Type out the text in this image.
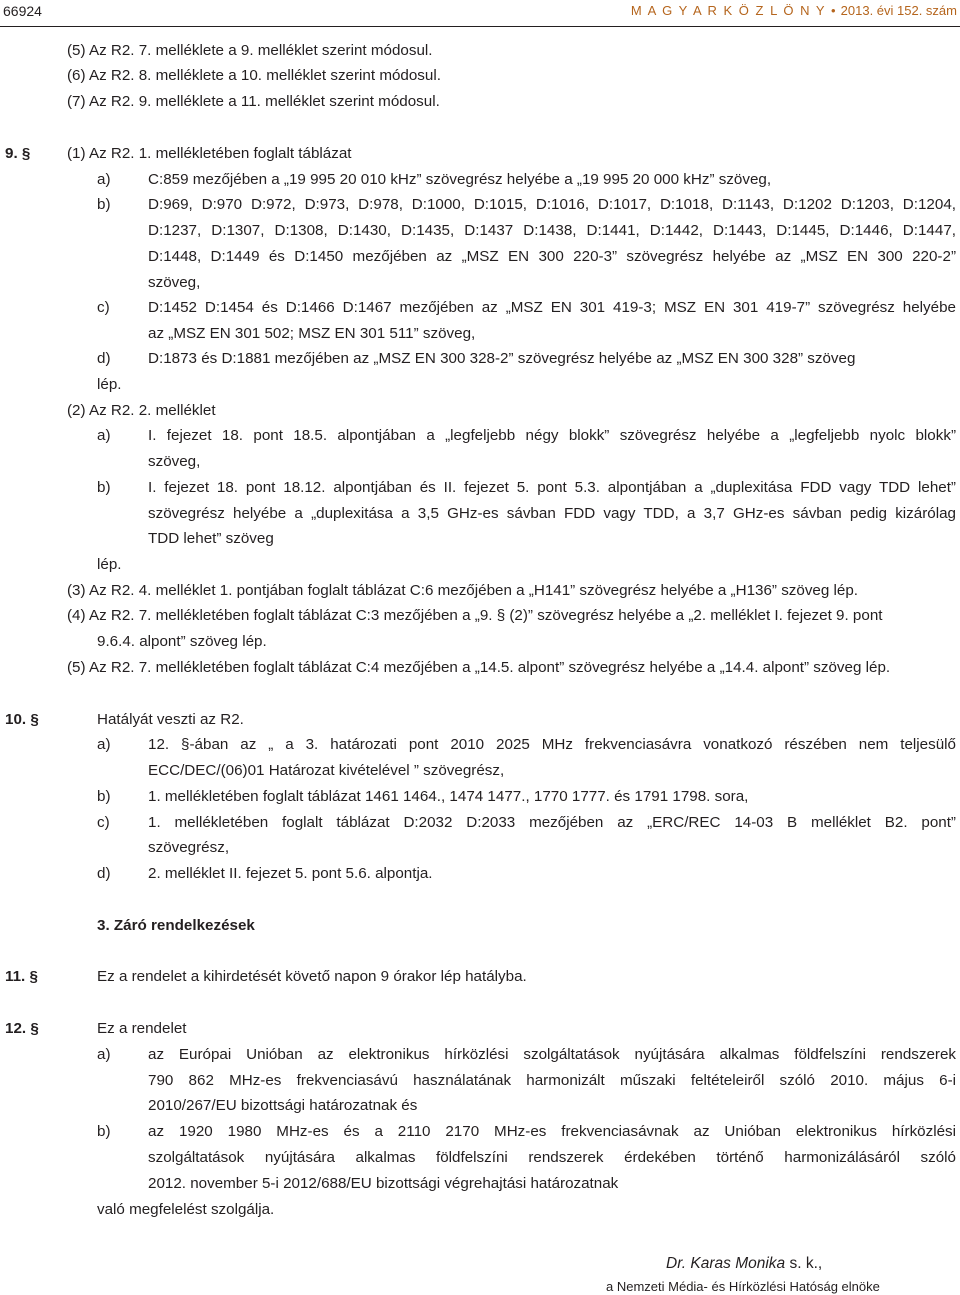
66924	M A G Y A R K Ö Z L Ö N Y • 2013. évi 152. szám
(5) Az R2. 7. melléklete a 9. melléklet szerint módosul.
(6) Az R2. 8. melléklete a 10. melléklet szerint módosul.
(7) Az R2. 9. melléklete a 11. melléklet szerint módosul.
9. § (1) Az R2. 1. mellékletében foglalt táblázat
a) C:859 mezőjében a „19 995 20 010 kHz” szövegrész helyébe a „19 995 20 000 kHz” szöveg,
b) D:969, D:970 D:972, D:973, D:978, D:1000, D:1015, D:1016, D:1017, D:1018, D:1143, D:1202 D:1203, D:1204,
D:1237, D:1307, D:1308, D:1430, D:1435, D:1437 D:1438, D:1441, D:1442, D:1443, D:1445, D:1446, D:1447,
D:1448, D:1449 és D:1450 mezőjében az „MSZ EN 300 220-3” szövegrész helyébe az „MSZ EN 300 220-2”
szöveg,
c)	D:1452 D:1454 és D:1466 D:1467 mezőjében az „MSZ EN 301 419-3; MSZ EN 301 419-7” szövegrész helyébe
az „MSZ EN 301 502; MSZ EN 301 511” szöveg,
d) D:1873 és D:1881 mezőjében az „MSZ EN 300 328-2” szövegrész helyébe az „MSZ EN 300 328” szöveg
lép.
(2) Az R2. 2. melléklet
a) I. fejezet 18. pont 18.5. alpontjában a „legfeljebb négy blokk” szövegrész helyébe a „legfeljebb nyolc blokk”
szöveg,
b) I. fejezet 18. pont 18.12. alpontjában és II. fejezet 5. pont 5.3. alpontjában a „duplexitása FDD vagy TDD lehet”
szövegrész helyébe a „duplexitása a 3,5 GHz-es sávban FDD vagy TDD, a 3,7 GHz-es sávban pedig kizárólag
TDD lehet” szöveg
lép.
(3) Az R2. 4. melléklet 1. pontjában foglalt táblázat C:6 mezőjében a „H141” szövegrész helyébe a „H136” szöveg lép.
(4) Az R2. 7. mellékletében foglalt táblázat C:3 mezőjében a „9. § (2)” szövegrész helyébe a „2. melléklet I. fejezet 9. pont
9.6.4. alpont” szöveg lép.
(5) Az R2. 7. mellékletében foglalt táblázat C:4 mezőjében a „14.5. alpont” szövegrész helyébe a „14.4. alpont” szöveg lép.
10. §	Hatályát veszti az R2.
a) 12. §-ában az „ a 3. határozati pont 2010 2025 MHz frekvenciasávra vonatkozó részében nem teljesülő
ECC/DEC/(06)01 Határozat kivételével ” szövegrész,
b) 1. mellékletében foglalt táblázat 1461 1464., 1474 1477., 1770 1777. és 1791 1798. sora,
c)	1. mellékletében foglalt táblázat D:2032 D:2033 mezőjében az „ERC/REC 14-03 B melléklet B2. pont”
szövegrész,
d) 2. melléklet II. fejezet 5. pont 5.6. alpontja.
3. Záró rendelkezések
11. §	Ez a rendelet a kihirdetését követő napon 9 órakor lép hatályba.
12. §	Ez a rendelet
a) az Európai Unióban az elektronikus hírközlési szolgáltatások nyújtására alkalmas földfelszíni rendszerek
790 862 MHz-es frekvenciasávú használatának harmonizált műszaki feltételeiről szóló 2010. május 6-i
2010/267/EU bizottsági határozatnak és
b) az 1920 1980 MHz-es és a 2110 2170 MHz-es frekvenciasávnak az Unióban elektronikus hírközlési
szolgáltatások nyújtására alkalmas földfelszíni rendszerek érdekében történő harmonizálásáról szóló
2012. november 5-i 2012/688/EU bizottsági végrehajtási határozatnak
való megfelelést szolgálja.
Dr. Karas Monika s. k.,
a Nemzeti Média- és Hírközlési Hatóság elnöke
